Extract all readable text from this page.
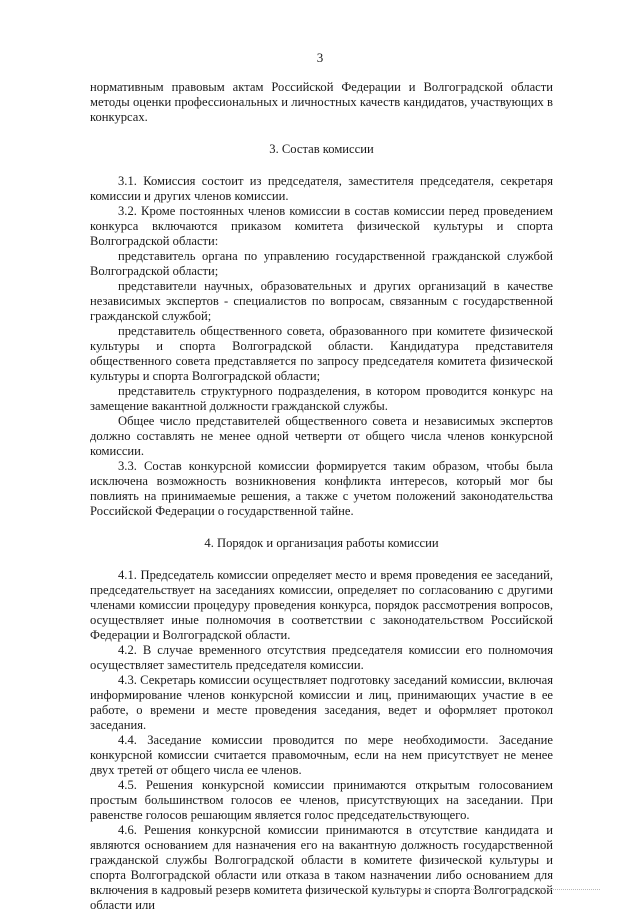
3

нормативным правовым актам Российской Федерации и Волгоградской области методы оценки профессиональных и личностных качеств кандидатов, участвующих в конкурсах.

3. Состав комиссии

3.1. Комиссия состоит из председателя, заместителя председателя, секретаря комиссии и других членов комиссии.

3.2. Кроме постоянных членов комиссии в состав комиссии перед проведением конкурса включаются приказом комитета физической культуры и спорта Волгоградской области:

представитель органа по управлению государственной гражданской службой Волгоградской области;

представители научных, образовательных и других организаций в качестве независимых экспертов - специалистов по вопросам, связанным с государственной гражданской службой;

представитель общественного совета, образованного при комитете физической культуры и спорта Волгоградской области. Кандидатура представителя общественного совета представляется по запросу председателя комитета физической культуры и спорта Волгоградской области;

представитель структурного подразделения, в котором проводится конкурс на замещение вакантной должности гражданской службы.

Общее число представителей общественного совета и независимых экспертов должно составлять не менее одной четверти от общего числа членов конкурсной комиссии.

3.3. Состав конкурсной комиссии формируется таким образом, чтобы была исключена возможность возникновения конфликта интересов, который мог бы повлиять на принимаемые решения, а также с учетом положений законодательства Российской Федерации о государственной тайне.

4. Порядок и организация работы комиссии

4.1. Председатель комиссии определяет место и время проведения ее заседаний, председательствует на заседаниях комиссии, определяет по согласованию с другими членами комиссии процедуру проведения конкурса, порядок рассмотрения вопросов, осуществляет иные полномочия в соответствии с законодательством Российской Федерации и Волгоградской области.

4.2. В случае временного отсутствия председателя комиссии его полномочия осуществляет заместитель председателя комиссии.

4.3. Секретарь комиссии осуществляет подготовку заседаний комиссии, включая информирование членов конкурсной комиссии и лиц, принимающих участие в ее работе, о времени и месте проведения заседания, ведет и оформляет протокол заседания.

4.4. Заседание комиссии проводится по мере необходимости. Заседание конкурсной комиссии считается правомочным, если на нем присутствует не менее двух третей от общего числа ее членов.

4.5. Решения конкурсной комиссии принимаются открытым голосованием простым большинством голосов ее членов, присутствующих на заседании. При равенстве голосов решающим является голос председательствующего.

4.6. Решения конкурсной комиссии принимаются в отсутствие кандидата и являются основанием для назначения его на вакантную должность государственной гражданской службы Волгоградской области в комитете физической культуры и спорта Волгоградской области или отказа в таком назначении либо основанием для включения в кадровый резерв комитета физической культуры и спорта Волгоградской области или
